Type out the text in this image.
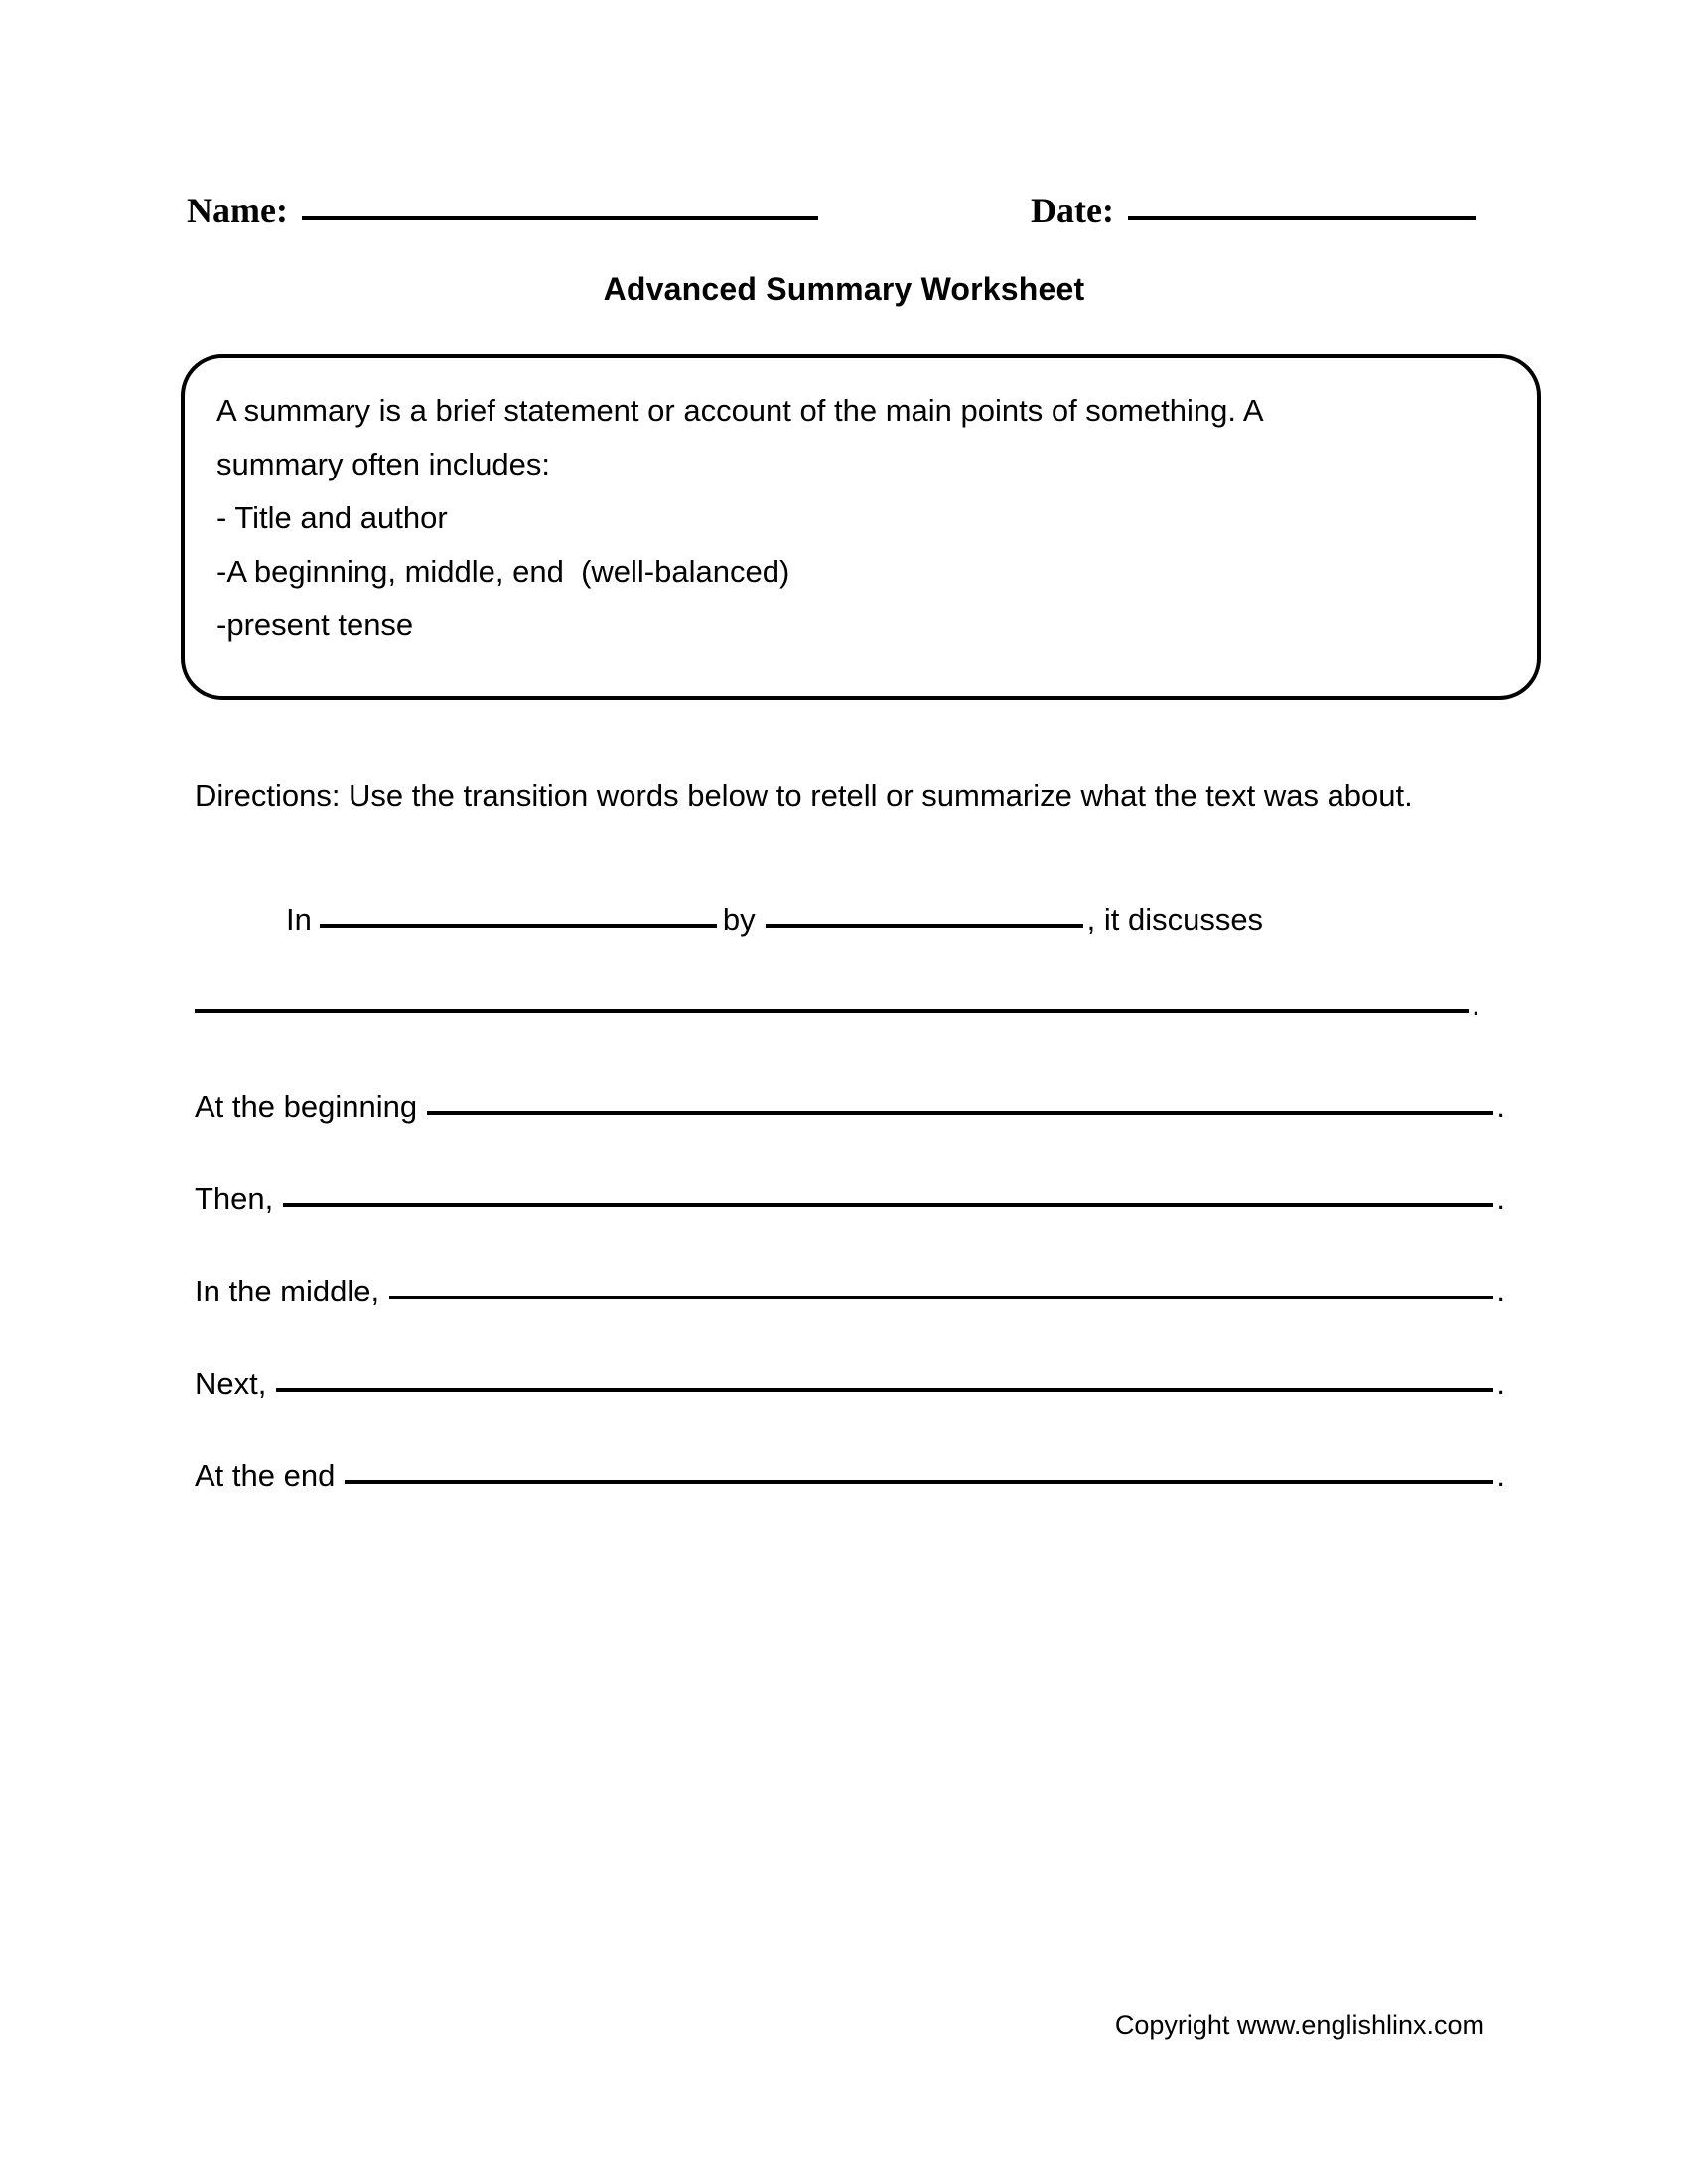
Name:	Date:
Advanced Summary Worksheet
A summary is a brief statement or account of the main points of something. A
summary often includes:
- Title and author
-A beginning, middle, end  (well-balanced)
-present tense
Directions: Use the transition words below to retell or summarize what the text was about.
In	by	, it discusses
.
At the beginning	.
Then,	.
In the middle,	.
Next,	.
At the end	.
Copyright www.englishlinx.com
